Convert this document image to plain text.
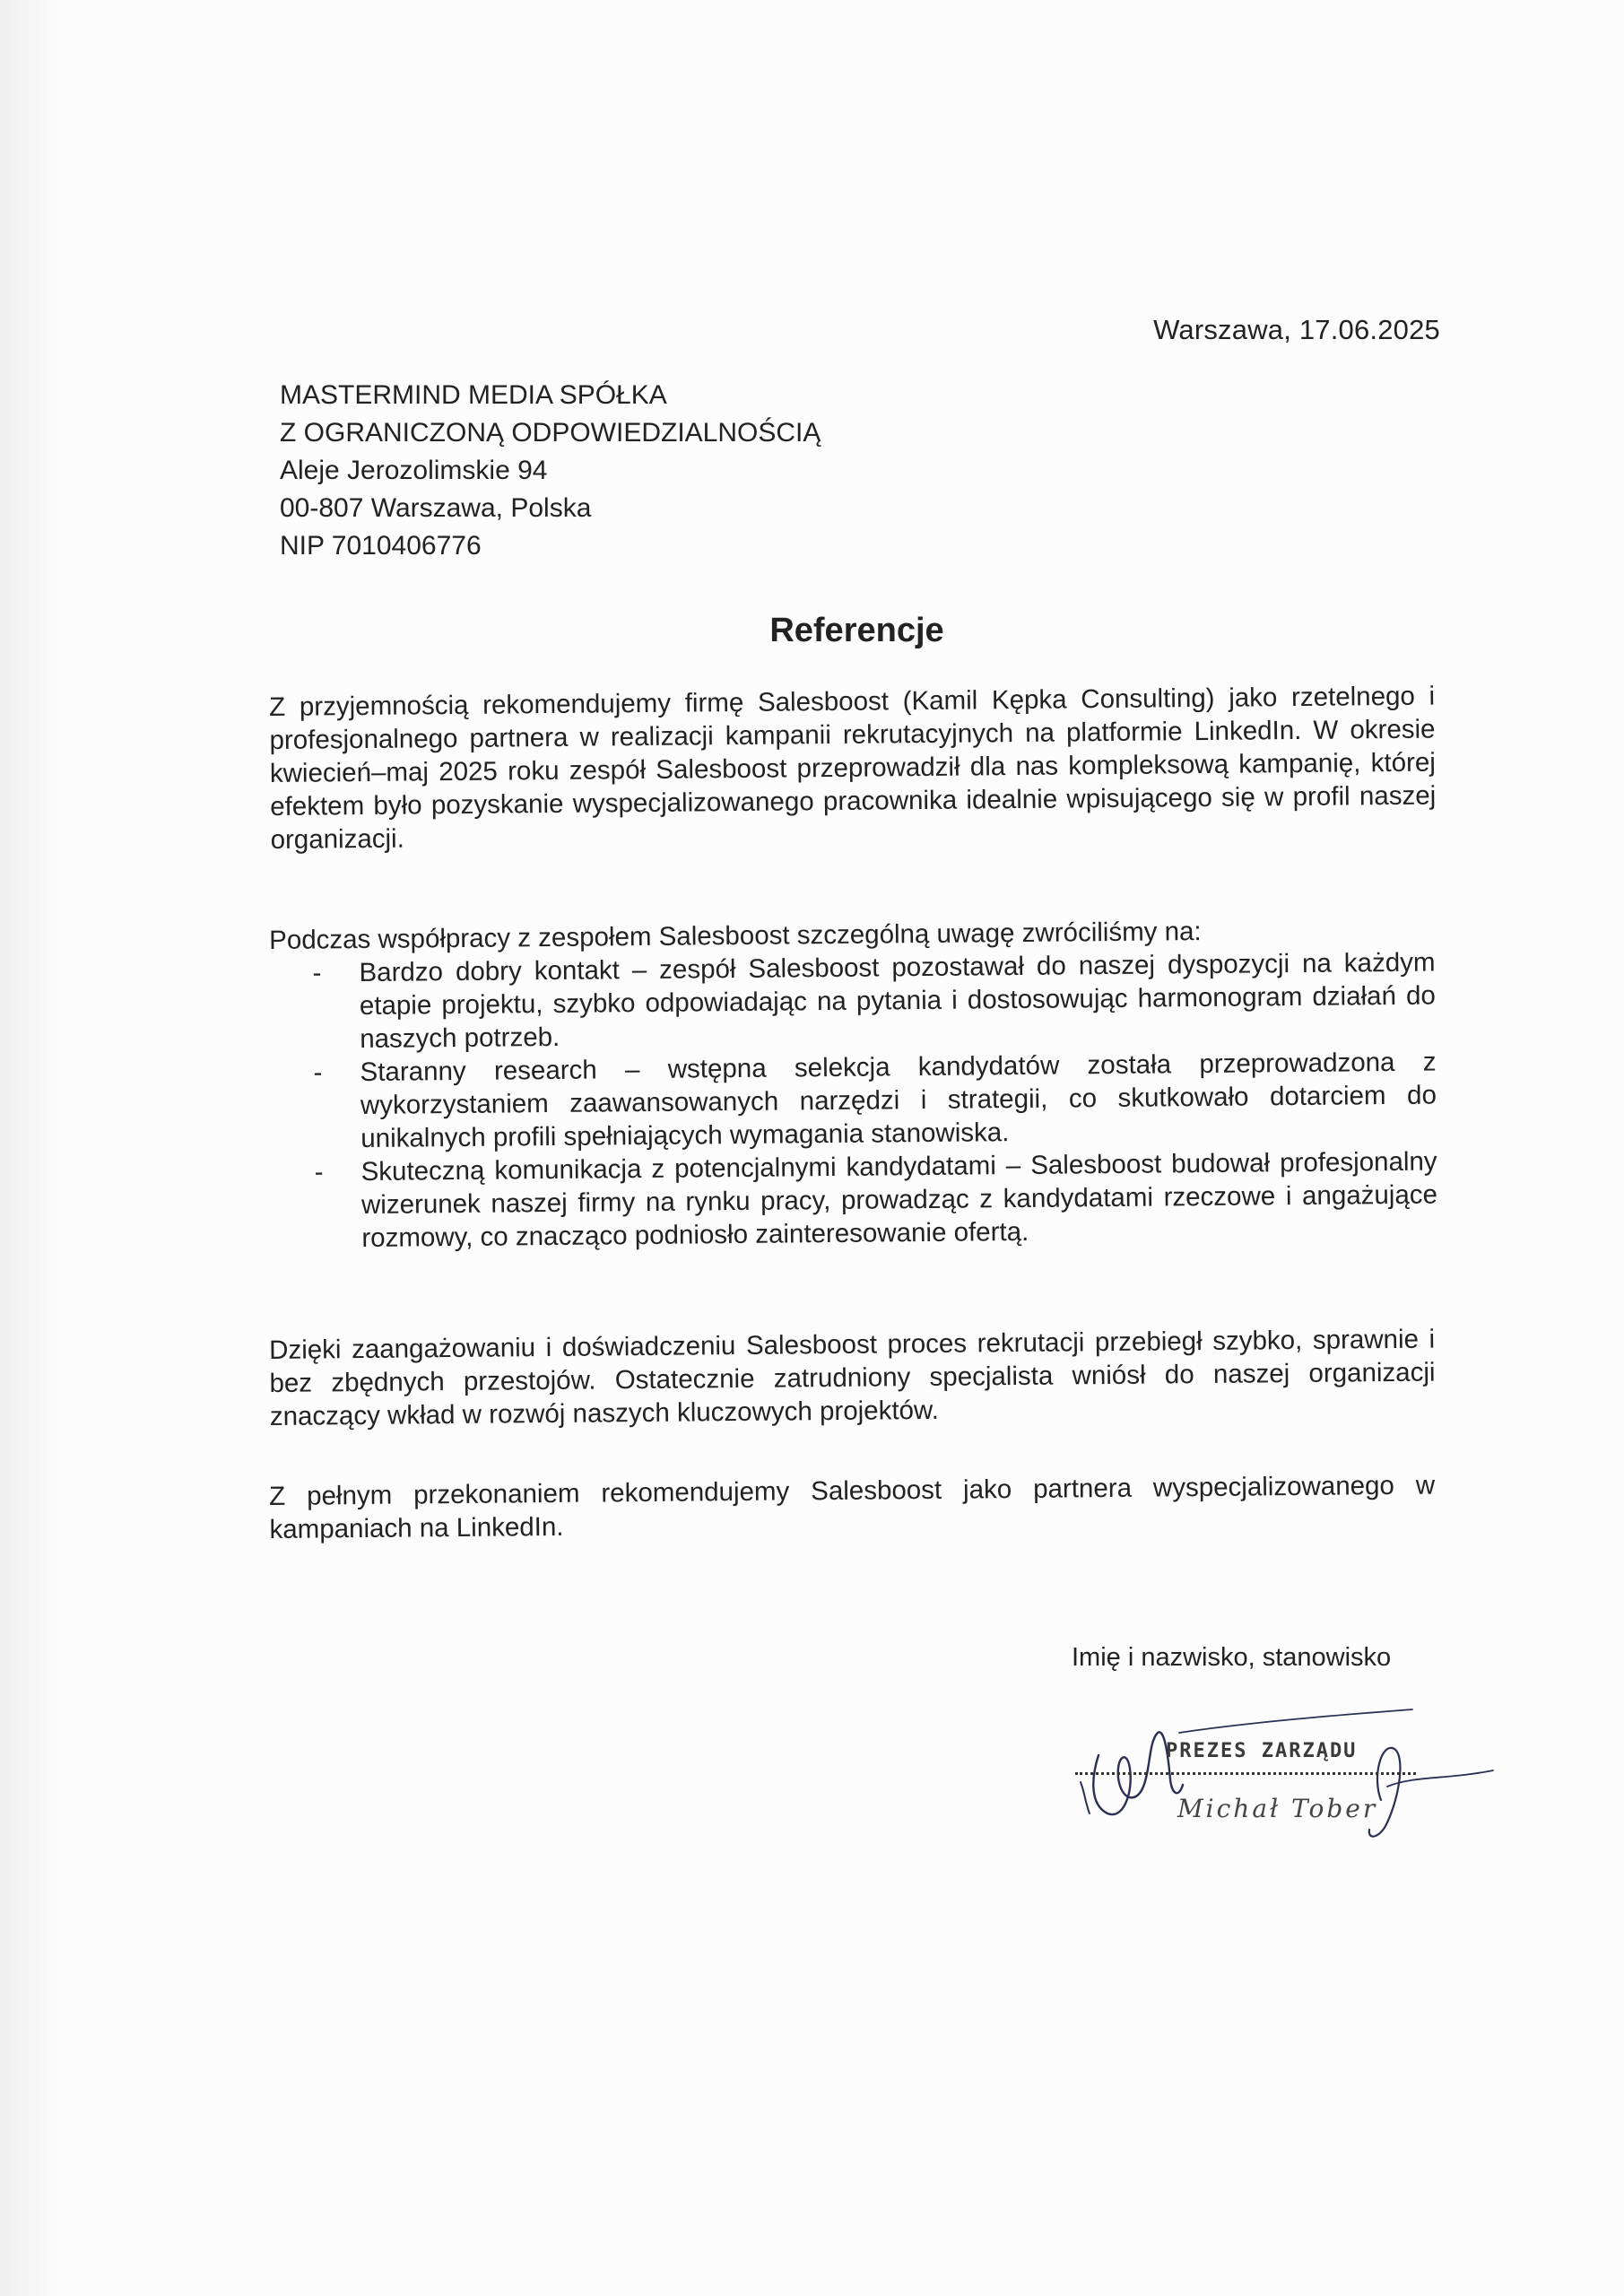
Warszawa, 17.06.2025
MASTERMIND MEDIA SPÓŁKA
Z OGRANICZONĄ ODPOWIEDZIALNOŚCIĄ
Aleje Jerozolimskie 94
00-807 Warszawa, Polska
NIP 7010406776
Referencje

Z przyjemnością rekomendujemy firmę Salesboost (Kamil Kępka Consulting) jako rzetelnego i profesjonalnego partnera w realizacji kampanii rekrutacyjnych na platformie LinkedIn. W okresie kwiecień–maj 2025 roku zespół Salesboost przeprowadził dla nas kompleksową kampanię, której efektem było pozyskanie wyspecjalizowanego pracownika idealnie wpisującego się w profil naszej organizacji.

Podczas współpracy z zespołem Salesboost szczególną uwagę zwróciliśmy na:

- Bardzo dobry kontakt – zespół Salesboost pozostawał do naszej dyspozycji na każdym etapie projektu, szybko odpowiadając na pytania i dostosowując harmonogram działań do naszych potrzeb.
- Staranny research – wstępna selekcja kandydatów została przeprowadzona z wykorzystaniem zaawansowanych narzędzi i strategii, co skutkowało dotarciem do unikalnych profili spełniających wymagania stanowiska.
- Skuteczną komunikacja z potencjalnymi kandydatami – Salesboost budował profesjonalny wizerunek naszej firmy na rynku pracy, prowadząc z kandydatami rzeczowe i angażujące rozmowy, co znacząco podniosło zainteresowanie ofertą.

Dzięki zaangażowaniu i doświadczeniu Salesboost proces rekrutacji przebiegł szybko, sprawnie i bez zbędnych przestojów. Ostatecznie zatrudniony specjalista wniósł do naszej organizacji znaczący wkład w rozwój naszych kluczowych projektów.

Z pełnym przekonaniem rekomendujemy Salesboost jako partnera wyspecjalizowanego w kampaniach na LinkedIn.

Imię i nazwisko, stanowisko
PREZES ZARZĄDU
Michał Tober
